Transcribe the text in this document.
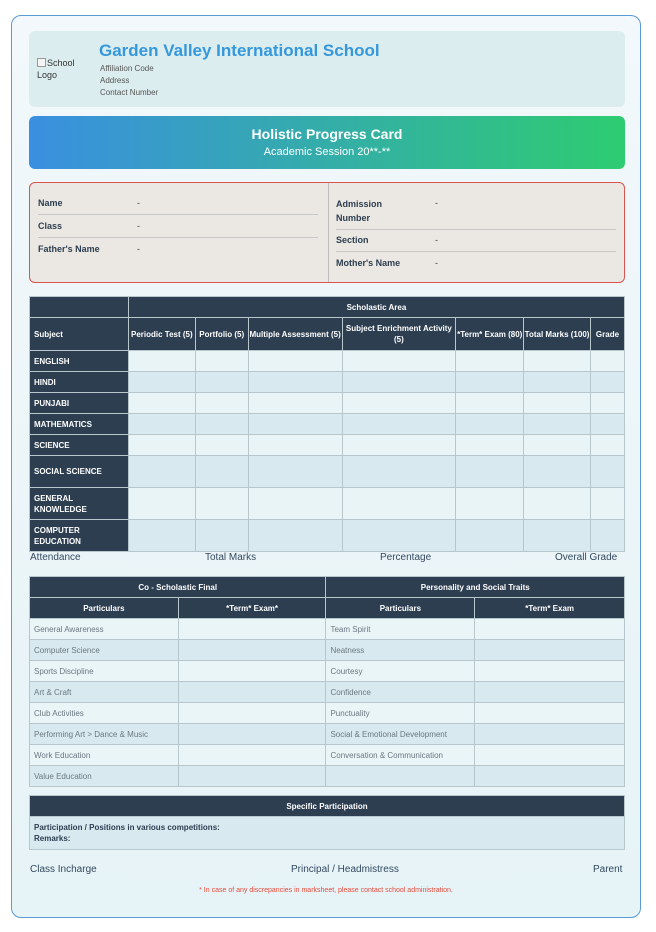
School Logo
Garden Valley International School
Affiliation Code
Address
Contact Number
Holistic Progress Card
Academic Session 20**-**
Name	-
Class	-
Father's Name	-
Admission Number
-
Section	-
Mother's Name	-
	Scholastic Area						
Subject	Periodic Test (5)	Portfolio (5)	Multiple Assessment (5)	Subject Enrichment Activity (5)	*Term* Exam (80)	Total Marks (100)	Grade
ENGLISH							
HINDI							
PUNJABI							
MATHEMATICS							
SCIENCE							
SOCIAL SCIENCE							
GENERAL KNOWLEDGE							
COMPUTER EDUCATION							
Attendance	Total Marks	Percentage	Overall Grade
Co - Scholastic Final		Personality and Social Traits	
Particulars	*Term* Exam*	Particulars	*Term* Exam
General Awareness		Team Spirit	
Computer Science		Neatness	
Sports Discipline		Courtesy	
Art & Craft		Confidence	
Club Activities		Punctuality	
Performing Art > Dance & Music		Social & Emotional Development	
Work Education		Conversation & Communication	
Value Education			
Specific Participation

Participation / Positions in various competitions:
Remarks:
Class Incharge	Principal / Headmistress	Parent
* In case of any discrepancies in marksheet, please contact school administration.
